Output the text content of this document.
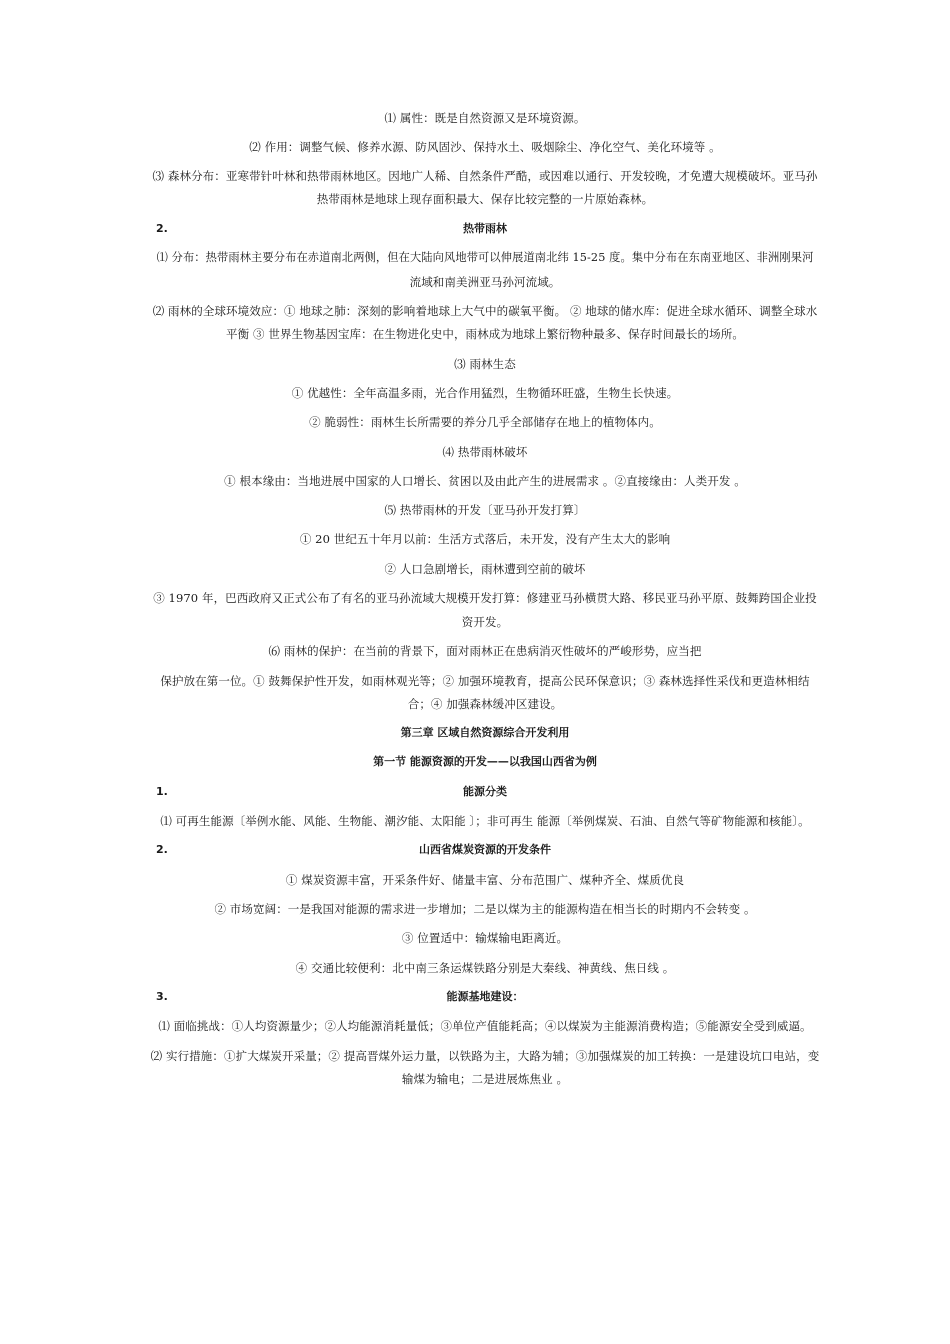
⑴ 属性：既是自然资源又是环境资源。
⑵ 作用：调整气候、修养水源、防风固沙、保持水土、吸烟除尘、净化空气、美化环境等 。
⑶ 森林分布：亚寒带针叶林和热带雨林地区。因地广人稀、自然条件严酷，或因难以通行、开发较晚，才免遭大规模破坏。亚马孙
热带雨林是地球上现存面积最大、保存比较完整的一片原始森林。
2.	热带雨林
⑴ 分布：热带雨林主要分布在赤道南北两侧，但在大陆向风地带可以伸展道南北纬 15-25 度。集中分布在东南亚地区、非洲刚果河
流域和南美洲亚马孙河流域。
⑵ 雨林的全球环境效应：① 地球之肺：深刻的影响着地球上大气中的碳氧平衡。 ② 地球的储水库：促进全球水循环、调整全球水
平衡 ③ 世界生物基因宝库：在生物进化史中，雨林成为地球上繁衍物种最多、保存时间最长的场所。
⑶ 雨林生态
① 优越性：全年高温多雨，光合作用猛烈，生物循环旺盛，生物生长快速。
② 脆弱性：雨林生长所需要的养分几乎全部储存在地上的植物体内。
⑷ 热带雨林破坏
① 根本缘由：当地进展中国家的人口增长、贫困以及由此产生的进展需求 。②直接缘由：人类开发 。
⑸ 热带雨林的开发〔亚马孙开发打算〕
① 20 世纪五十年月以前：生活方式落后，未开发，没有产生太大的影响
② 人口急剧增长，雨林遭到空前的破坏
③ 1970 年，巴西政府又正式公布了有名的亚马孙流域大规模开发打算：修建亚马孙横贯大路、移民亚马孙平原、鼓舞跨国企业投
资开发。
⑹ 雨林的保护：在当前的背景下，面对雨林正在患病消灭性破坏的严峻形势，应当把
保护放在第一位。① 鼓舞保护性开发，如雨林观光等；② 加强环境教育，提高公民环保意识；③ 森林选择性采伐和更造林相结
合；④ 加强森林缓冲区建设。
第三章 区域自然资源综合开发利用
第一节 能源资源的开发——以我国山西省为例
1.	能源分类
⑴ 可再生能源〔举例水能、风能、生物能、潮汐能、太阳能 〕；非可再生 能源〔举例煤炭、石油、自然气等矿物能源和核能〕。
2.	山西省煤炭资源的开发条件
① 煤炭资源丰富，开采条件好、储量丰富、分布范围广、煤种齐全、煤质优良
② 市场宽阔：一是我国对能源的需求进一步增加；二是以煤为主的能源构造在相当长的时期内不会转变 。
③ 位置适中：输煤输电距离近。
④ 交通比较便利：北中南三条运煤铁路分别是大秦线、神黄线、焦日线 。
3.	能源基地建设：
⑴ 面临挑战：①人均资源量少；②人均能源消耗量低；③单位产值能耗高；④以煤炭为主能源消费构造；⑤能源安全受到威逼。
⑵ 实行措施：①扩大煤炭开采量；② 提高晋煤外运力量，以铁路为主，大路为辅；③加强煤炭的加工转换：一是建设坑口电站，变
输煤为输电；二是进展炼焦业 。
